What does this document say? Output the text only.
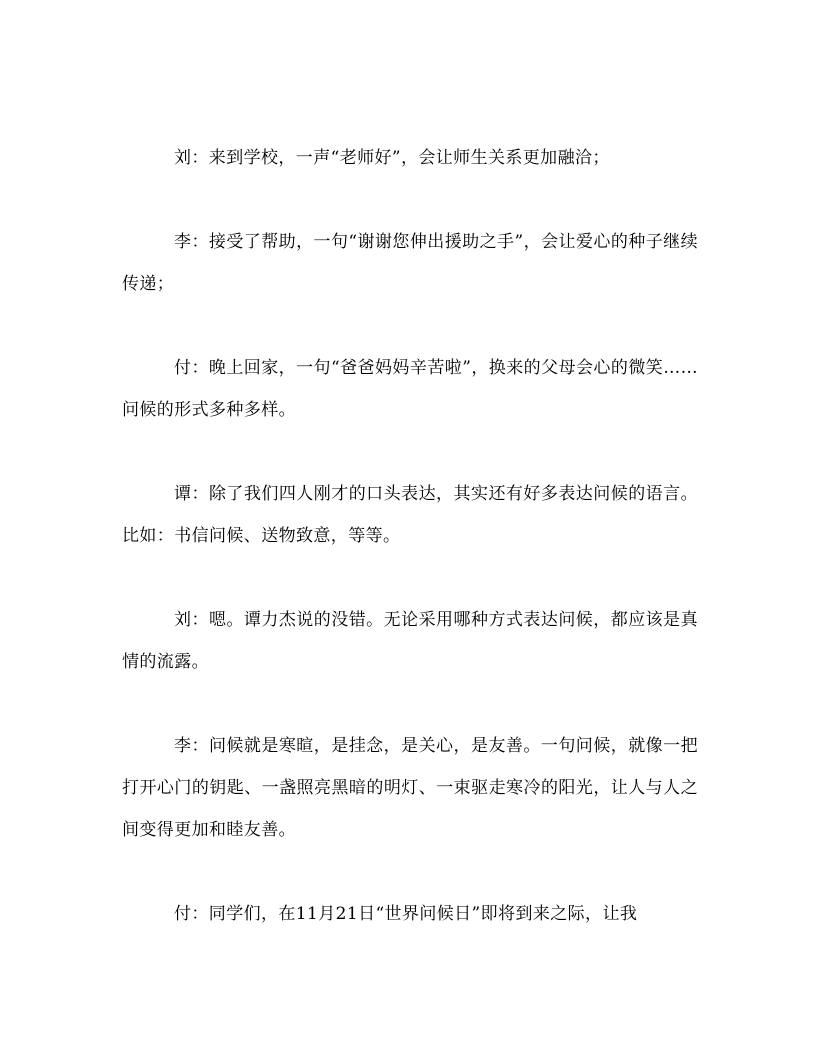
刘：来到学校，一声“老师好”，会让师生关系更加融洽；

李：接受了帮助，一句“谢谢您伸出援助之手”，会让爱心的种子继续传递；

付：晚上回家，一句“爸爸妈妈辛苦啦”，换来的父母会心的微笑……问候的形式多种多样。

谭：除了我们四人刚才的口头表达，其实还有好多表达问候的语言。比如：书信问候、送物致意，等等。

刘：嗯。谭力杰说的没错。无论采用哪种方式表达问候，都应该是真情的流露。

李：问候就是寒暄，是挂念，是关心，是友善。一句问候，就像一把打开心门的钥匙、一盏照亮黑暗的明灯、一束驱走寒冷的阳光，让人与人之间变得更加和睦友善。

付：同学们，在11月21日“世界问候日”即将到来之际，让我
